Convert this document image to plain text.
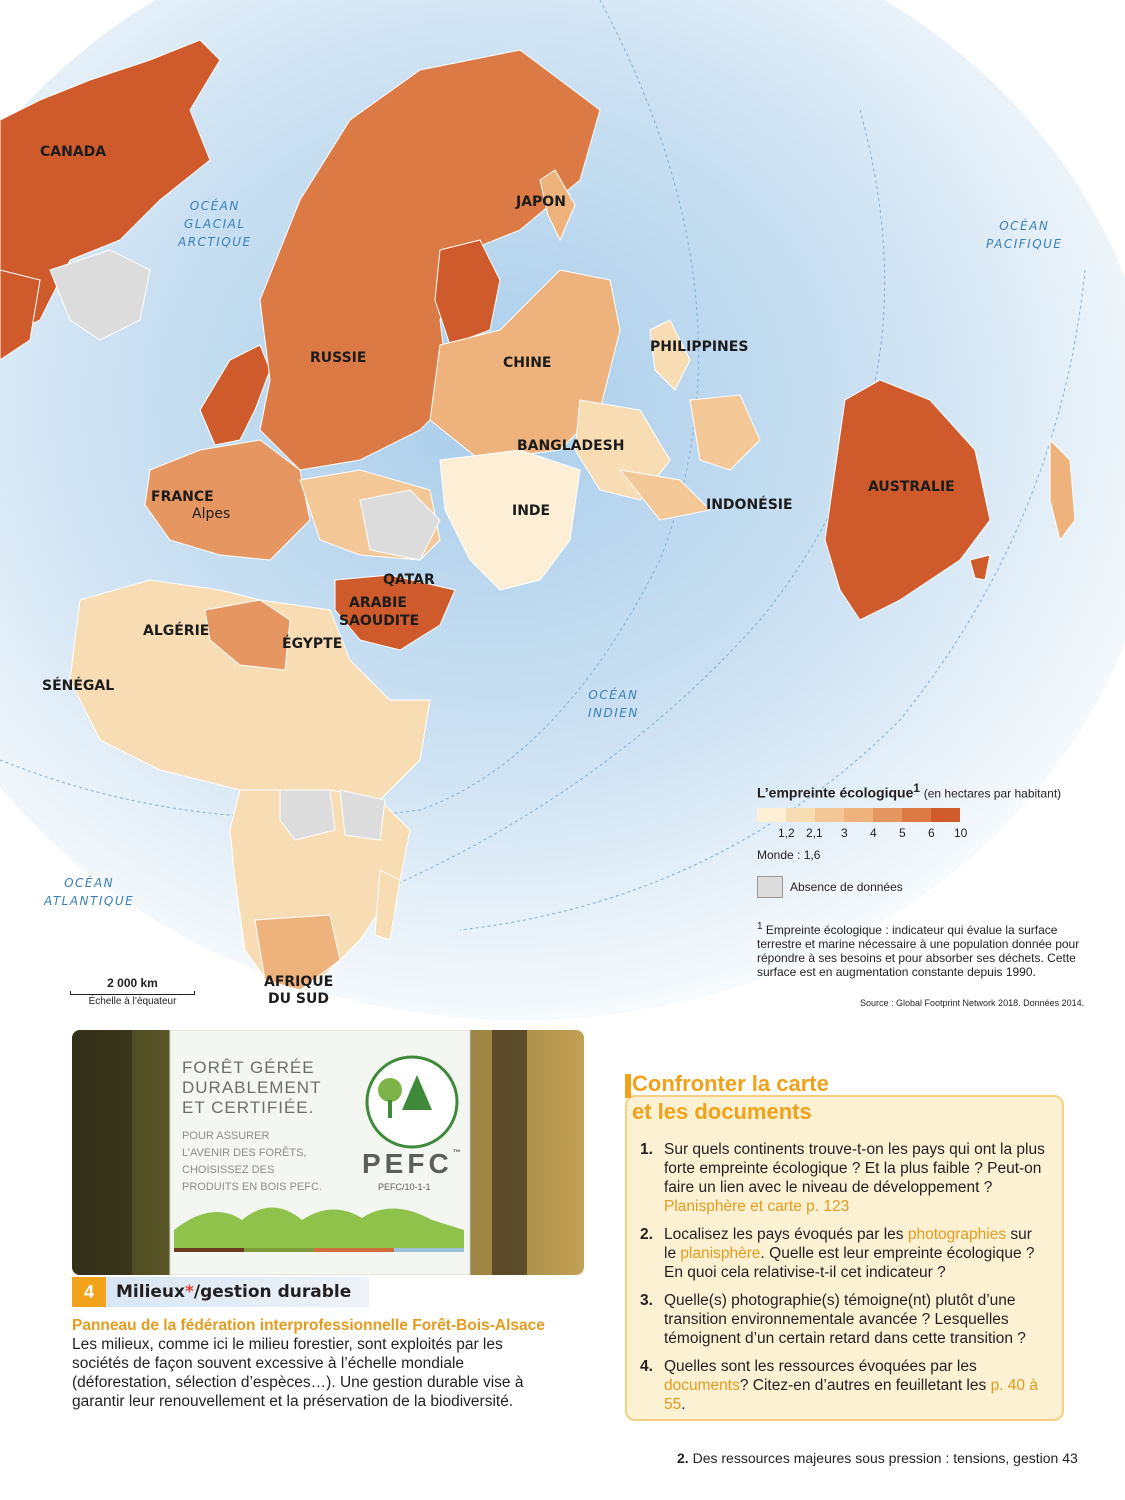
CANADA
JAPON
RUSSIE	CHINE
PHILIPPINES
BANGLADESH
FRANCE
Alpes	INDE	INDONÉSIE
AUSTRALIE
QATAR
ARABIE
SAOUDITE
ALGÉRIE
ÉGYPTE
SÉNÉGAL
AFRIQUE
DU SUD
OCÉAN
GLACIAL
ARCTIQUE
OCÉAN
PACIFIQUE
OCÉAN
INDIEN
OCÉAN
ATLANTIQUE
L’empreinte écologique$^1$ (en hectares par habitant)
1,2 2,1 3 4 5 6 10
Monde : 1,6
Absence de données
$^1$ Empreinte écologique : indicateur qui évalue la surface terrestre et marine nécessaire à une population donnée pour répondre à ses besoins et pour absorber ses déchets. Cette surface est en augmentation constante depuis 1990.
Source : Global Footprint Network 2018. Données 2014.
2 000 km
Échelle à l’équateur
FORÊT GÉRÉE
DURABLEMENT
ET CERTIFIÉE.
POUR ASSURER
L’AVENIR DES FORÊTS,
CHOISISSEZ DES
PRODUITS EN BOIS PEFC.
PEFC™
PEFC/10-1-1
4	Milieux * /gestion durable
Panneau de la fédération interprofessionnelle Forêt-Bois-Alsace Les milieux, comme ici le milieu forestier, sont exploités par les sociétés de façon souvent excessive à l’échelle mondiale (déforestation, sélection d’espèces…). Une gestion durable vise à garantir leur renouvellement et la préservation de la biodiversité.
Confronter la carte
et les documents
1. Sur quels continents trouve-t-on les pays qui ont la plus forte empreinte écologique ? Et la plus faible ? Peut-on faire un lien avec le niveau de développement ? Planisphère et carte p. 123
2. Localisez les pays évoqués par les photographies sur le planisphère. Quelle est leur empreinte écologique ? En quoi cela relativise-t-il cet indicateur ?
3. Quelle(s) photographie(s) témoigne(nt) plutôt d’une transition environnementale avancée ? Lesquelles témoignent d’un certain retard dans cette transition ?
4. Quelles sont les ressources évoquées par les documents? Citez-en d’autres en feuilletant les p. 40 à 55.
2. Des ressources majeures sous pression : tensions, gestion 43
